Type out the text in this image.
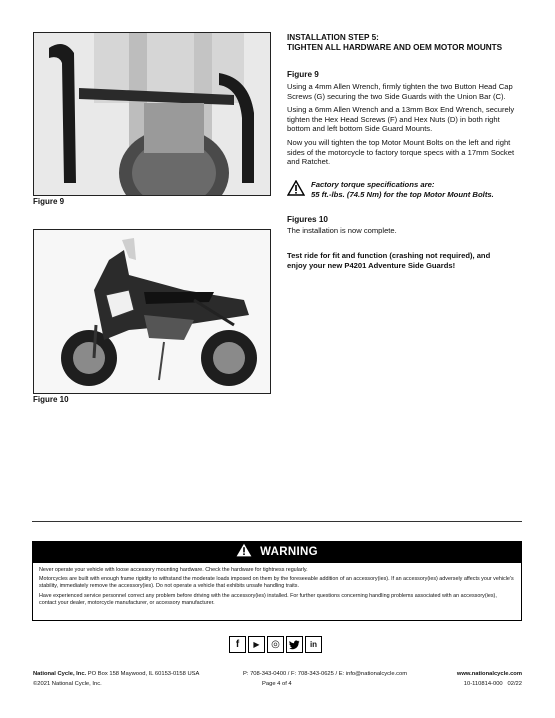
Figure 9
Figure 10
INSTALLATION STEP 5:
TIGHTEN ALL HARDWARE AND OEM MOTOR MOUNTS
Figure 9

Using a 4mm Allen Wrench, firmly tighten the two Button Head Cap Screws (G) securing the two Side Guards with the Union Bar (C).

Using a 6mm Allen Wrench and a 13mm Box End Wrench, securely tighten the Hex Head Screws (F) and Hex Nuts (D) in both right bottom and left bottom Side Guard Mounts.

Now you will tighten the top Motor Mount Bolts on the left and right sides of the motorcycle to factory torque specs with a 17mm Socket and Ratchet.

Factory torque specifications are:
55 ft.-lbs. (74.5 Nm) for the top Motor Mount Bolts.
Figures 10

The installation is now complete.

Test ride for fit and function (crashing not required), and
enjoy your new P4201 Adventure Side Guards!
WARNING

Never operate your vehicle with loose accessory mounting hardware. Check the hardware for tightness regularly.

Motorcycles are built with enough frame rigidity to withstand the moderate loads imposed on them by the foreseeable addition of an accessory(ies). If an accessory(ies) adversely affects your vehicle's stability, immediately remove the accessory(ies). Do not operate a vehicle that exhibits unsafe handling traits.

Have experienced service personnel correct any problem before driving with the accessory(ies) installed. For further questions concerning handling problems associated with an accessory(ies), contact your dealer, motorcycle manufacturer, or accessory manufacturer.

f	▶	◎	in
National Cycle, Inc. PO Box 158 Maywood, IL 60153-0158 USA
©2021 National Cycle, Inc.
P: 708-343-0400 / F: 708-343-0625 / E: info@nationalcycle.com
Page 4 of 4
www.nationalcycle.com
10-110814-000   02/22
